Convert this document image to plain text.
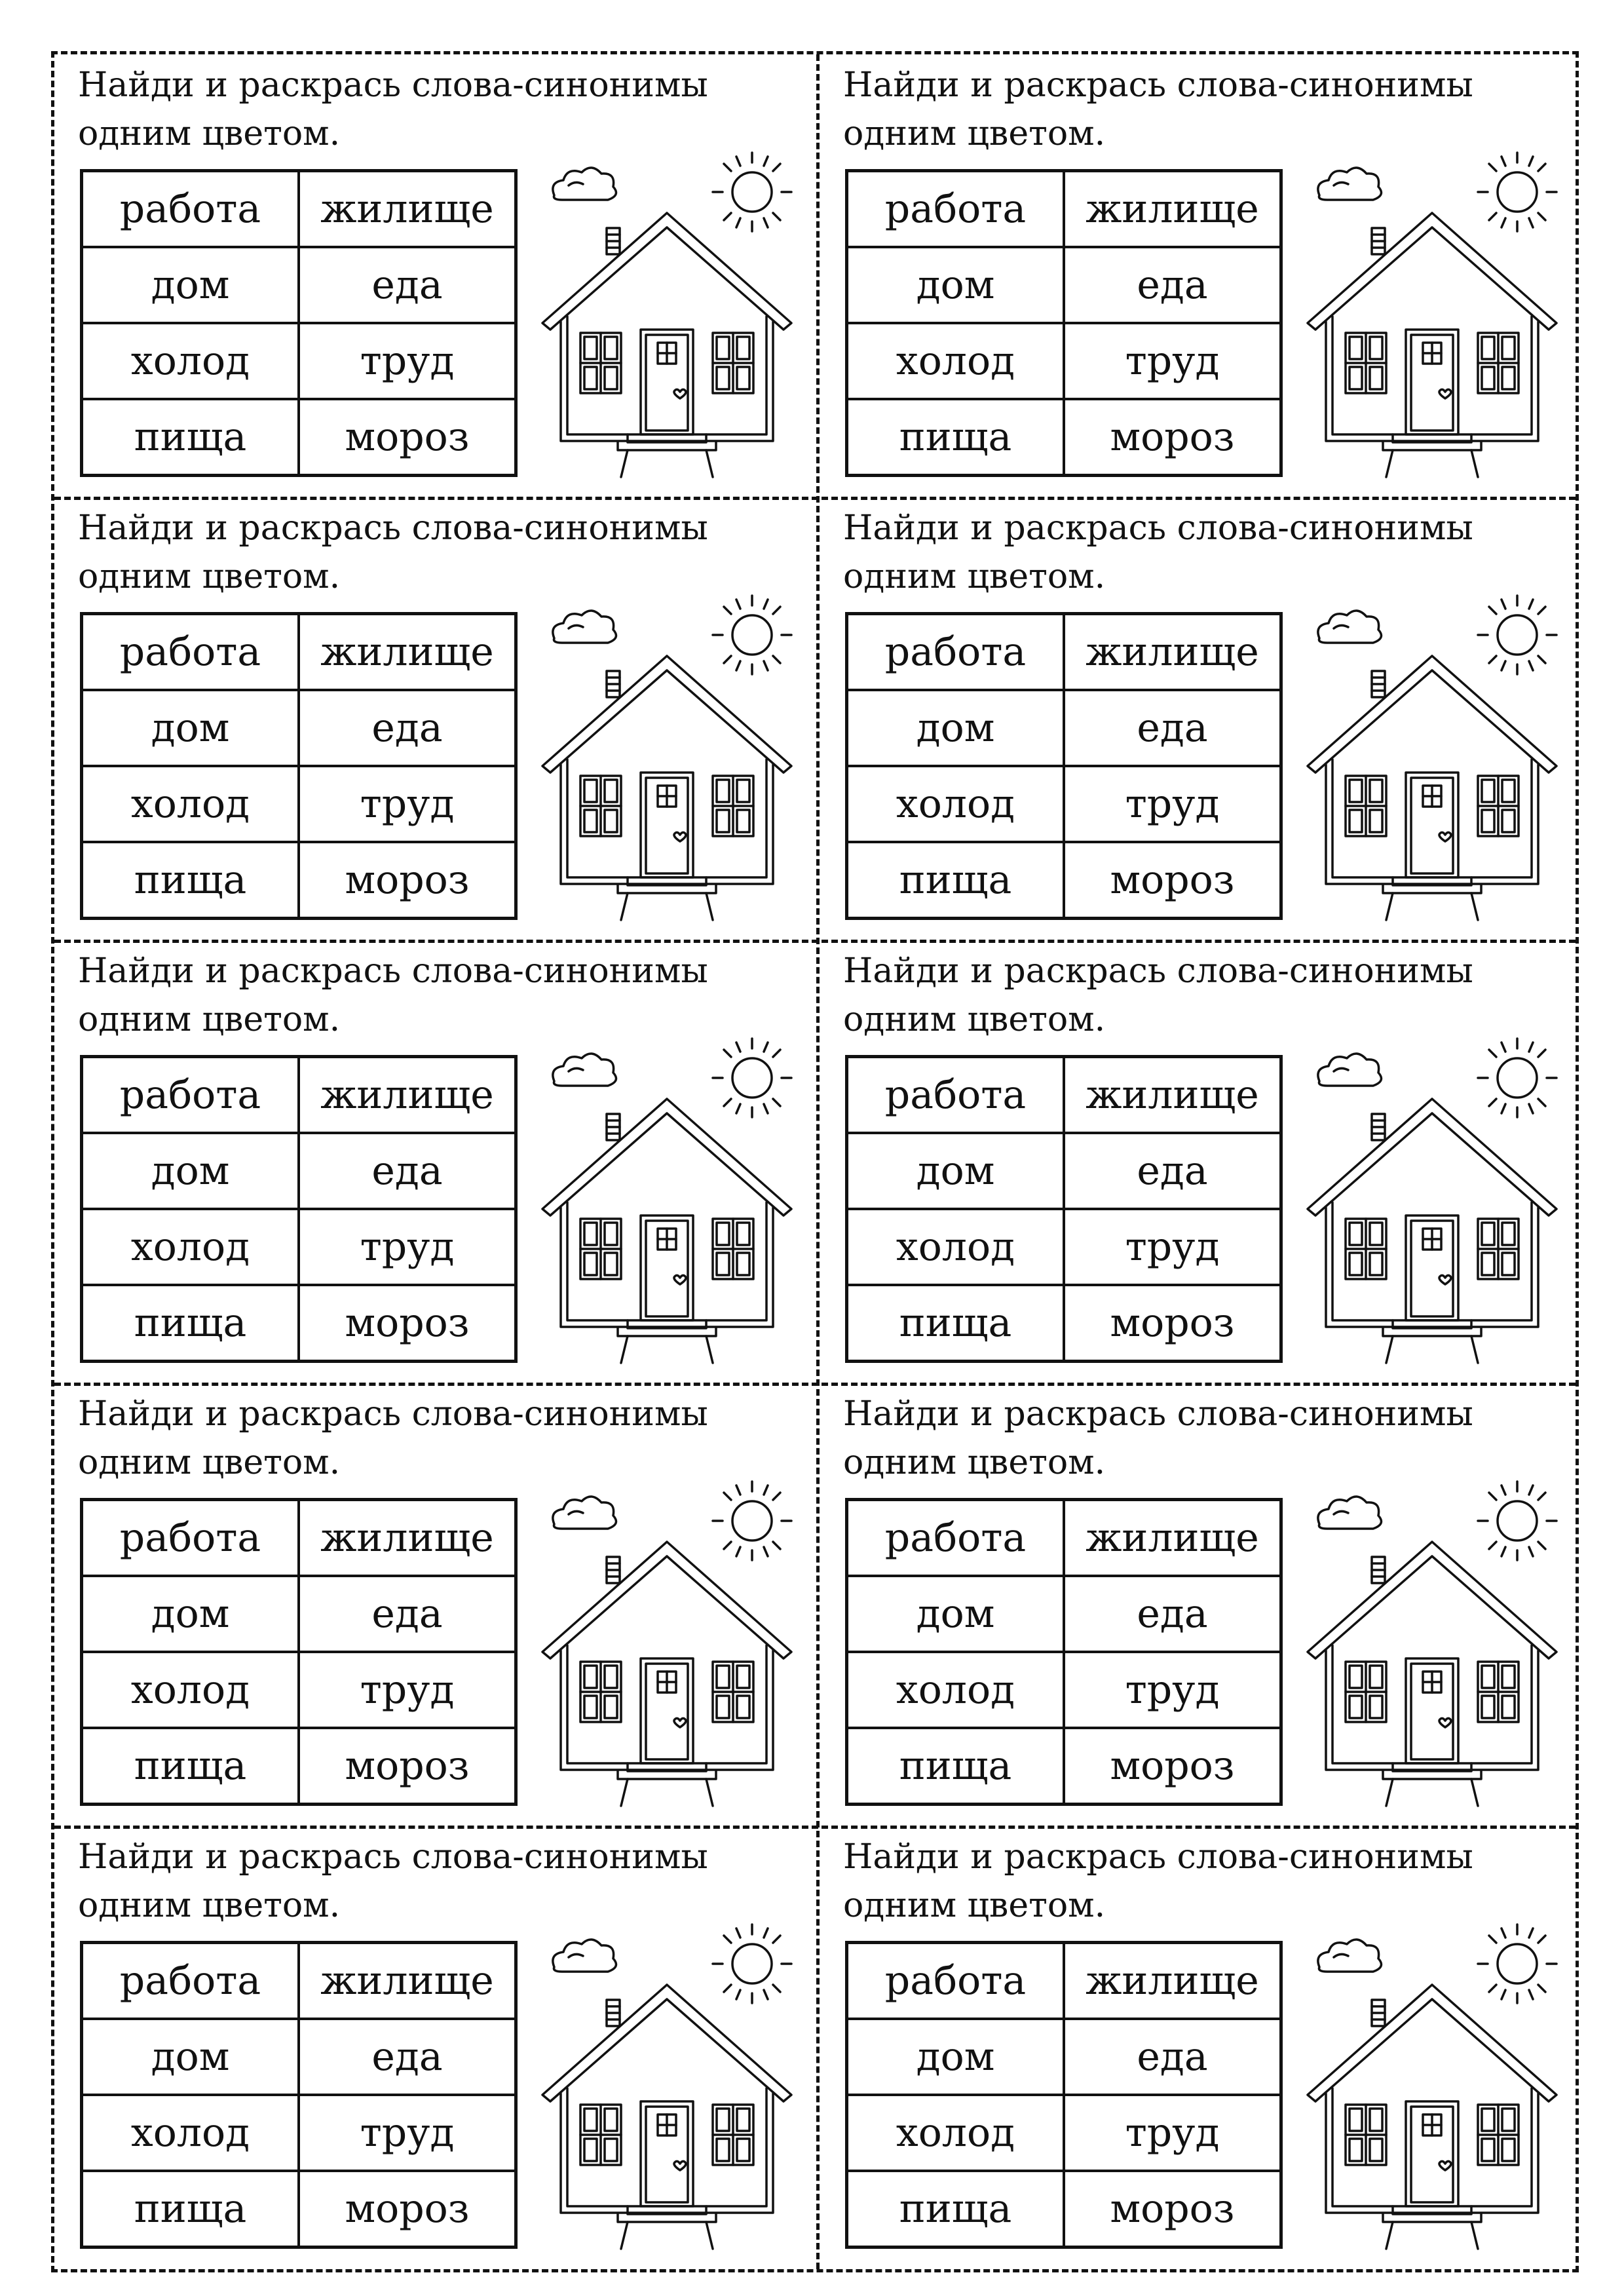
Найди и раскрась слова-синонимы
одним цветом.

работа	жилище
дом	еда
холод	труд
пища	мороз

Найди и раскрась слова-синонимы
одним цветом.

работа	жилище
дом	еда
холод	труд
пища	мороз

Найди и раскрась слова-синонимы
одним цветом.

работа	жилище
дом	еда
холод	труд
пища	мороз

Найди и раскрась слова-синонимы
одним цветом.

работа	жилище
дом	еда
холод	труд
пища	мороз

Найди и раскрась слова-синонимы
одним цветом.

работа	жилище
дом	еда
холод	труд
пища	мороз

Найди и раскрась слова-синонимы
одним цветом.

работа	жилище
дом	еда
холод	труд
пища	мороз

Найди и раскрась слова-синонимы
одним цветом.

работа	жилище
дом	еда
холод	труд
пища	мороз

Найди и раскрась слова-синонимы
одним цветом.

работа	жилище
дом	еда
холод	труд
пища	мороз

Найди и раскрась слова-синонимы
одним цветом.

работа	жилище
дом	еда
холод	труд
пища	мороз

Найди и раскрась слова-синонимы
одним цветом.

работа	жилище
дом	еда
холод	труд
пища	мороз
